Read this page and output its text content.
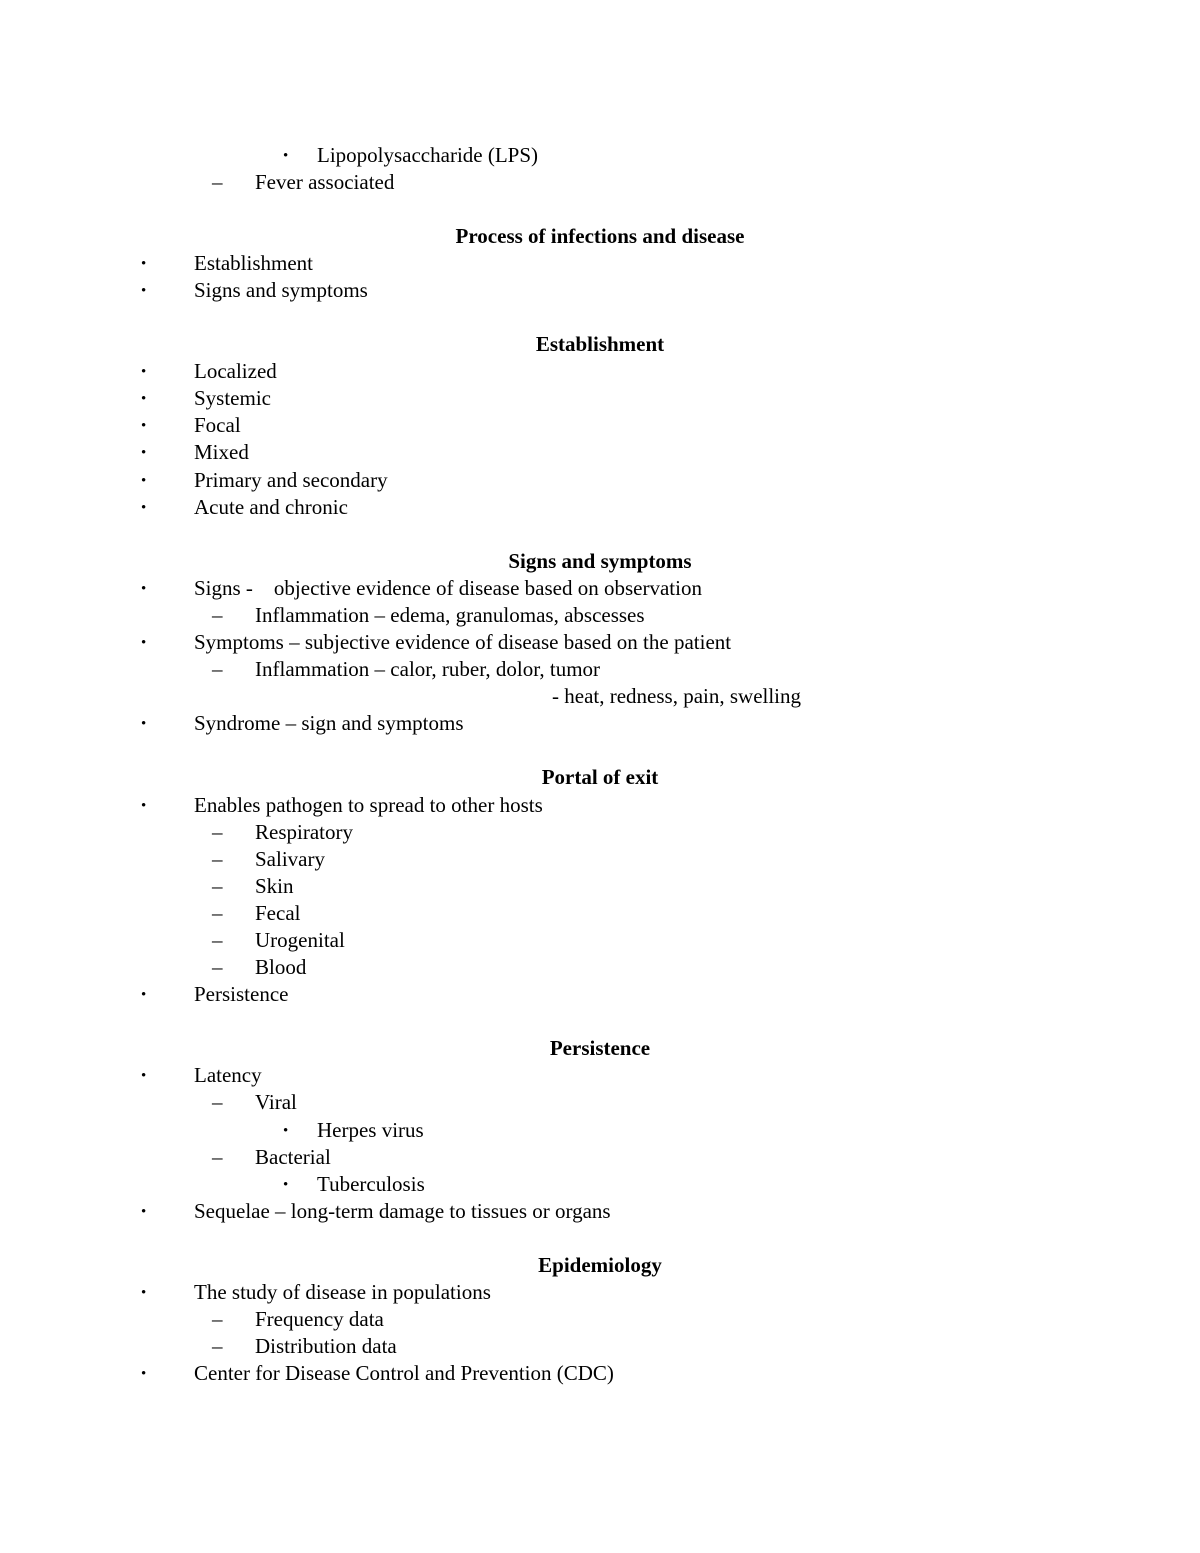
• Lipopolysaccharide (LPS)
– Fever associated
Process of infections and disease
• Establishment
• Signs and symptoms
Establishment
• Localized
• Systemic
• Focal
• Mixed
• Primary and secondary
• Acute and chronic
Signs and symptoms
• Signs -    objective evidence of disease based on observation
– Inflammation – edema, granulomas, abscesses
• Symptoms – subjective evidence of disease based on the patient
– Inflammation – calor, ruber, dolor, tumor
- heat, redness, pain, swelling
• Syndrome – sign and symptoms
Portal of exit
• Enables pathogen to spread to other hosts
– Respiratory
– Salivary
– Skin
– Fecal
– Urogenital
– Blood
• Persistence
Persistence
• Latency
– Viral
• Herpes virus
– Bacterial
• Tuberculosis
• Sequelae – long-term damage to tissues or organs
Epidemiology
• The study of disease in populations
– Frequency data
– Distribution data
• Center for Disease Control and Prevention (CDC)
